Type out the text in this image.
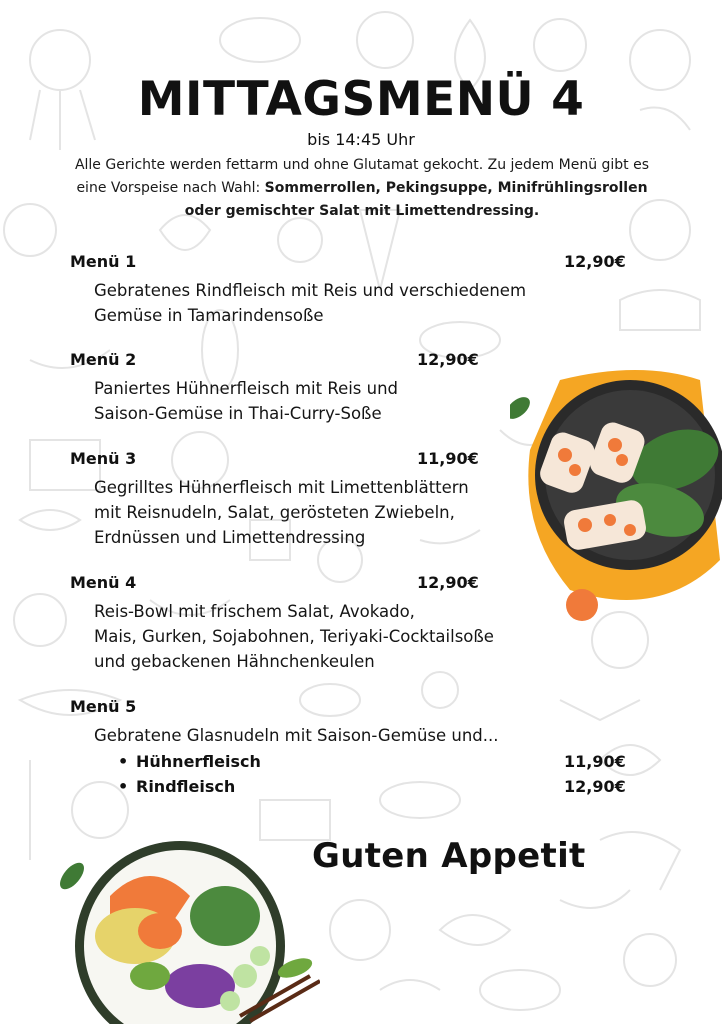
MITTAGSMENÜ 4
bis 14:45 Uhr
Alle Gerichte werden fettarm und ohne Glutamat gekocht. Zu jedem Menü gibt es eine Vorspeise nach Wahl: Sommerrollen, Pekingsuppe, Minifrühlingsrollen oder gemischter Salat mit Limettendressing.
Menü 1	12,90€
Gebratenes Rindfleisch mit Reis und verschiedenem
Gemüse in Tamarindensoße
Menü 2	12,90€
Paniertes Hühnerfleisch mit Reis und
Saison-Gemüse in Thai-Curry-Soße
Menü 3	11,90€
Gegrilltes Hühnerfleisch mit Limettenblättern
mit Reisnudeln, Salat, gerösteten Zwiebeln,
Erdnüssen und Limettendressing
Menü 4	12,90€
Reis-Bowl mit frischem Salat, Avokado,
Mais, Gurken, Sojabohnen, Teriyaki-Cocktailsoße
und gebackenen Hähnchenkeulen
Menü 5
Gebratene Glasnudeln mit Saison-Gemüse und...
• Hühnerfleisch	11,90€
• Rindfleisch	12,90€
Guten Appetit
